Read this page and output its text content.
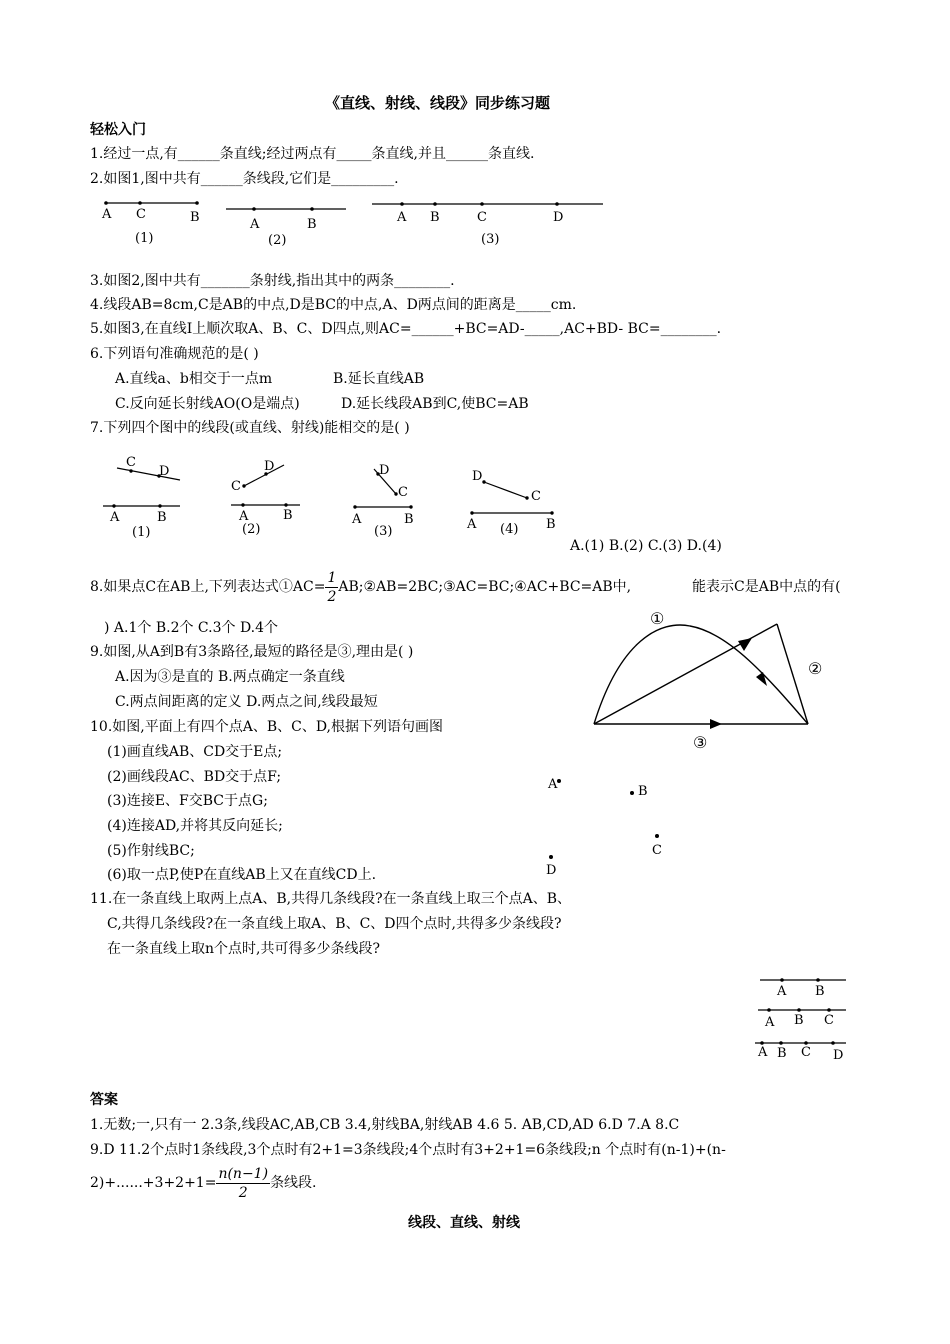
《直线、射线、线段》同步练习题
轻松入门
1.经过一点,有______条直线;经过两点有_____条直线,并且______条直线.
2.如图1,图中共有______条线段,它们是_________.
A C	B
(1)
A	B
(2)
A B	C	D
(3)
3.如图2,图中共有_______条射线,指出其中的两条________.
4.线段AB=8cm,C是AB的中点,D是BC的中点,A、D两点间的距离是_____cm.
5.如图3,在直线I上顺次取A、B、C、D四点,则AC=______+BC=AD-_____,AC+BD- BC=________.
6.下列语句准确规范的是( )
A.直线a、b相交于一点m	B.延长直线AB
C.反向延长射线AO(O是端点)	D.延长线段AB到C,使BC=AB
7.下列四个图中的线段(或直线、射线)能相交的是( )
C
D
A	B
(1)
C
D
A	B
(2)
D
C
A	B
(3)
D
C
A	B
(4)
A.(1) B.(2) C.(3) D.(4)
8.如果点C在AB上,下列表达式①AC= $\frac{1}{2}$ AB;②AB=2BC;③AC=BC;④AC+BC=AB中,	能表示C是AB中点的有(
) A.1个 B.2个 C.3个 D.4个
9.如图,从A到B有3条路径,最短的路径是③,理由是( )
A.因为③是直的 B.两点确定一条直线
C.两点间距离的定义 D.两点之间,线段最短
①
②
③
10.如图,平面上有四个点A、B、C、D,根据下列语句画图
(1)画直线AB、CD交于E点;
(2)画线段AC、BD交于点F;
(3)连接E、F交BC于点G;
(4)连接AD,并将其反向延长;
(5)作射线BC;
(6)取一点P,使P在直线AB上又在直线CD上.
A	B
C
D
11.在一条直线上取两上点A、B,共得几条线段?在一条直线上取三个点A、B、
C,共得几条线段?在一条直线上取A、B、C、D四个点时,共得多少条线段?
在一条直线上取n个点时,共可得多少条线段?
A B
A B C
A B C D
答案
1.无数;一,只有一 2.3条,线段AC,AB,CB 3.4,射线BA,射线AB 4.6 5. AB,CD,AD 6.D 7.A 8.C
9.D 11.2个点时1条线段,3个点时有2+1=3条线段;4个点时有3+2+1=6条线段;n 个点时有(n-1)+(n-
$2)+......+3+2+1= \frac{n(n-1)}{2}$ 条线段.
线段、直线、射线
